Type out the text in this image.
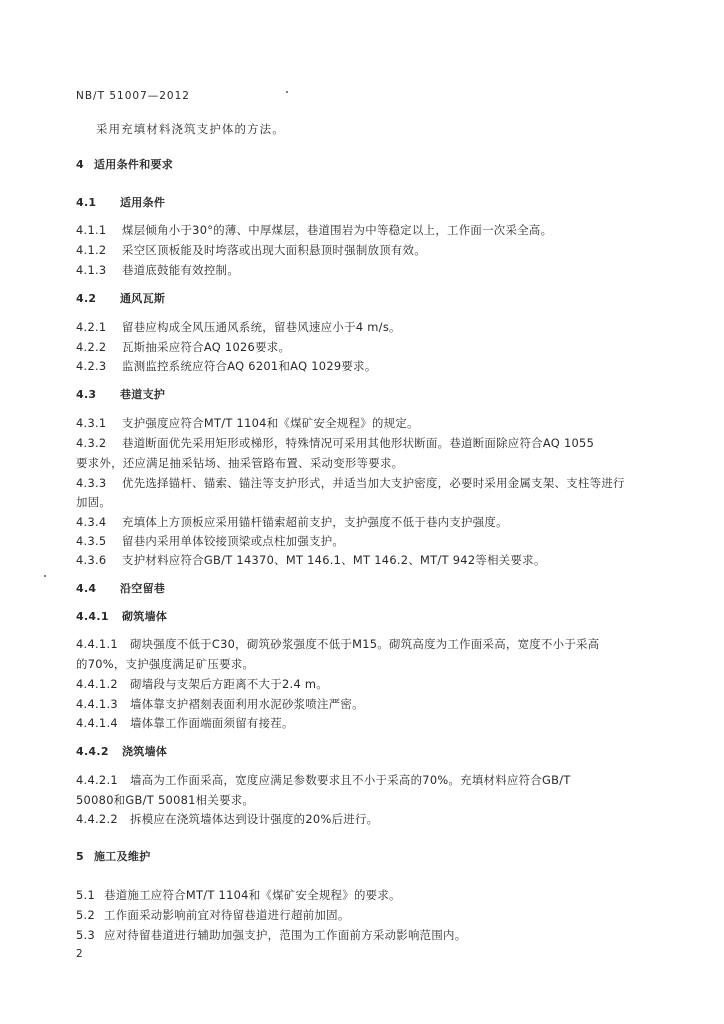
NB/T 51007—2012
采用充填材料浇筑支护体的方法。
4 适用条件和要求
4.1 适用条件
4.1.1 煤层倾角小于30°的薄、中厚煤层，巷道围岩为中等稳定以上，工作面一次采全高。
4.1.2 采空区顶板能及时垮落或出现大面积悬顶时强制放顶有效。
4.1.3 巷道底鼓能有效控制。
4.2 通风瓦斯
4.2.1 留巷应构成全风压通风系统，留巷风速应小于4 m/s。
4.2.2 瓦斯抽采应符合AQ 1026要求。
4.2.3 监测监控系统应符合AQ 6201和AQ 1029要求。
4.3 巷道支护
4.3.1 支护强度应符合MT/T 1104和《煤矿安全规程》的规定。
4.3.2 巷道断面优先采用矩形或梯形，特殊情况可采用其他形状断面。巷道断面除应符合AQ 1055
要求外，还应满足抽采钻场、抽采管路布置、采动变形等要求。
4.3.3 优先选择锚杆、锚索、锚注等支护形式，并适当加大支护密度，必要时采用金属支架、支柱等进行
加固。
4.3.4 充填体上方顶板应采用锚杆锚索超前支护，支护强度不低于巷内支护强度。
4.3.5 留巷内采用单体铰接顶梁或点柱加强支护。
4.3.6 支护材料应符合GB/T 14370、MT 146.1、MT 146.2、MT/T 942等相关要求。
4.4 沿空留巷
4.4.1 砌筑墙体
4.4.1.1 砌块强度不低于C30，砌筑砂浆强度不低于M15。砌筑高度为工作面采高，宽度不小于采高
的70%，支护强度满足矿压要求。
4.4.1.2 砌墙段与支架后方距离不大于2.4 m。
4.4.1.3 墙体靠支护褶刻表面利用水泥砂浆喷注严密。
4.4.1.4 墙体靠工作面端面须留有接茬。
4.4.2 浇筑墙体
4.4.2.1 墙高为工作面采高，宽度应满足参数要求且不小于采高的70%。充填材料应符合GB/T
50080和GB/T 50081相关要求。
4.4.2.2 拆模应在浇筑墙体达到设计强度的20%后进行。
5 施工及维护
5.1 巷道施工应符合MT/T 1104和《煤矿安全规程》的要求。
5.2 工作面采动影响前宜对待留巷道进行超前加固。
5.3 应对待留巷道进行辅助加强支护，范围为工作面前方采动影响范围内。
2
